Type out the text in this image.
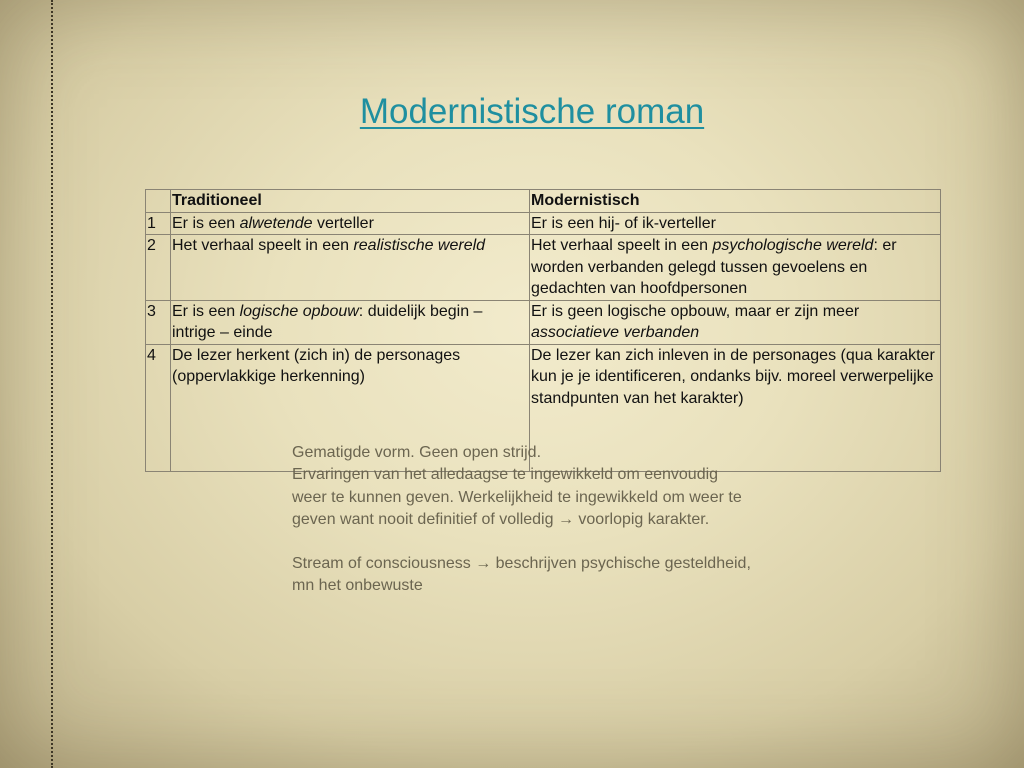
Modernistische roman
	Traditioneel	Modernistisch
1	Er is een alwetende verteller	Er is een hij- of ik-verteller
2	Het verhaal speelt in een realistische wereld	Het verhaal speelt in een psychologische wereld: er worden verbanden gelegd tussen gevoelens en gedachten van hoofdpersonen
3	Er is een logische opbouw: duidelijk begin – intrige – einde	Er is geen logische opbouw, maar er zijn meer associatieve verbanden
4	De lezer herkent (zich in) de personages (oppervlakkige herkenning)	De lezer kan zich inleven in de personages (qua karakter kun je je identificeren, ondanks bijv. moreel verwerpelijke standpunten van het karakter)

Gematigde vorm. Geen open strijd.

Ervaringen van het alledaagse te ingewikkeld om eenvoudig weer te kunnen geven. Werkelijkheid te ingewikkeld om weer te geven want nooit definitief of volledig → voorlopig karakter.

Stream of consciousness → beschrijven psychische gesteldheid, mn het onbewuste
